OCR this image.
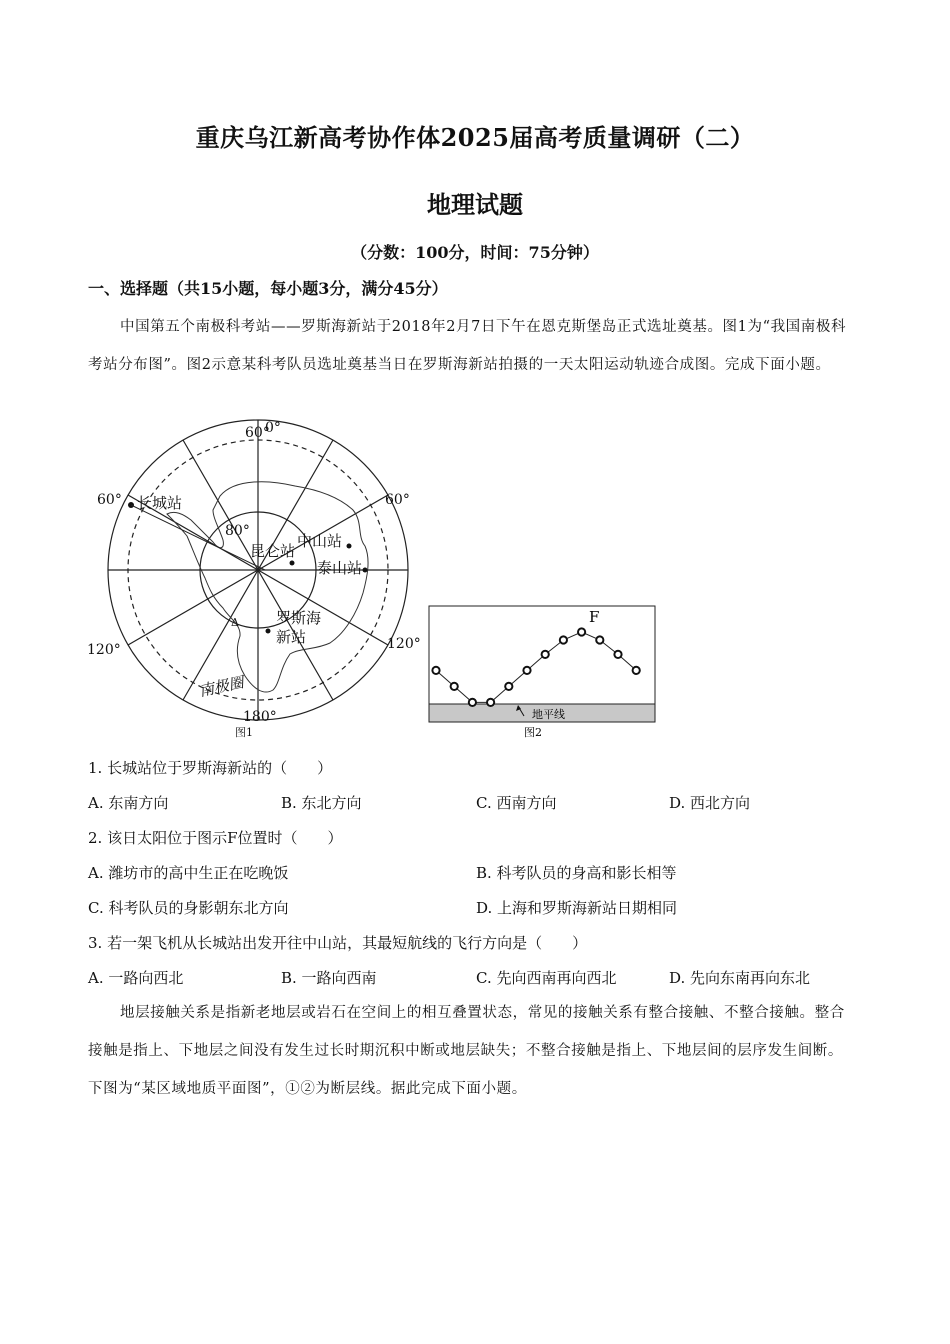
重庆乌江新高考协作体2025届高考质量调研（二）
地理试题
（分数：100分，时间：75分钟）
一、选择题（共15小题，每小题3分，满分45分）

中国第五个南极科考站——罗斯海新站于2018年2月7日下午在恩克斯堡岛正式选址奠基。图1为“我国南极科考站分布图”。图2示意某科考队员选址奠基当日在罗斯海新站拍摄的一天太阳运动轨迹合成图。完成下面小题。

60°
0°
60°	60°
120°	120°
180°
80°
长城站
昆仑站
中山站
泰山站
罗斯海
新站
Δ
南极圈
图1
F
地平线
图2
1. 长城站位于罗斯海新站的（　　）
A. 东南方向	B. 东北方向	C. 西南方向	D. 西北方向
2. 该日太阳位于图示F位置时（　　）
A. 潍坊市的高中生正在吃晚饭	B. 科考队员的身高和影长相等
C. 科考队员的身影朝东北方向	D. 上海和罗斯海新站日期相同
3. 若一架飞机从长城站出发开往中山站，其最短航线的飞行方向是（　　）
A. 一路向西北	B. 一路向西南	C. 先向西南再向西北	D. 先向东南再向东北

地层接触关系是指新老地层或岩石在空间上的相互叠置状态，常见的接触关系有整合接触、不整合接触。整合接触是指上、下地层之间没有发生过长时期沉积中断或地层缺失；不整合接触是指上、下地层间的层序发生间断。下图为“某区域地质平面图”，①②为断层线。据此完成下面小题。
